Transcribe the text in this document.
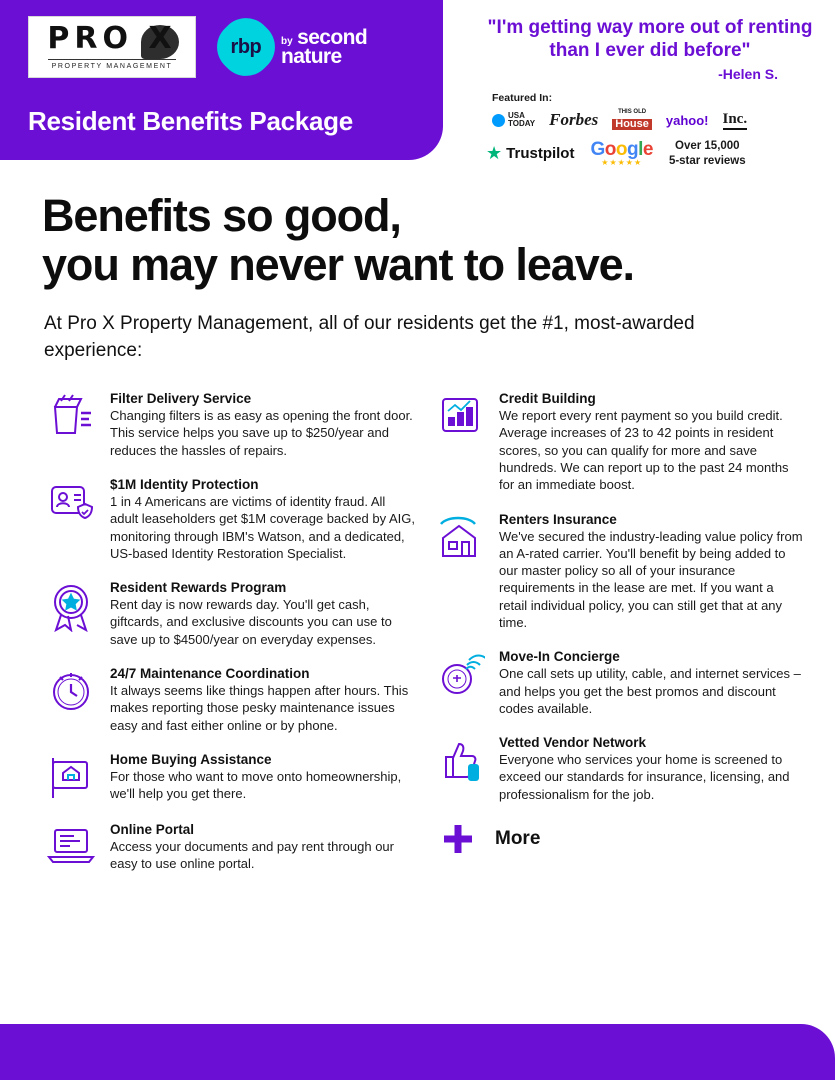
PRO X
PROPERTY MANAGEMENT
rbp by second
nature
Resident Benefits Package
"I'm getting way more out of renting than I ever did before"
-Helen S.
Featured In:
USA
TODAY Forbes	THIS OLD
House yahoo! Inc.
★ Trustpilot Google
★★★★★
Over 15,000
5-star reviews
Benefits so good,
you may never want to leave.
At Pro X Property Management, all of our residents get the #1, most-awarded experience:
Filter Delivery Service
Changing filters is as easy as opening the front door. This service helps you save up to $250/year and reduces the hassles of repairs.
$1M Identity Protection
1 in 4 Americans are victims of identity fraud. All adult leaseholders get $1M coverage backed by AIG, monitoring through IBM's Watson, and a dedicated, US-based Identity Restoration Specialist.
Resident Rewards Program
Rent day is now rewards day. You'll get cash, giftcards, and exclusive discounts you can use to save up to $4500/year on everyday expenses.
24/7 Maintenance Coordination
It always seems like things happen after hours. This makes reporting those pesky maintenance issues easy and fast either online or by phone.
Home Buying Assistance
For those who want to move onto homeownership, we'll help you get there.
Online Portal
Access your documents and pay rent through our easy to use online portal.
Credit Building
We report every rent payment so you build credit. Average increases of 23 to 42 points in resident scores, so you can qualify for more and save hundreds. We can report up to the past 24 months for an immediate boost.
Renters Insurance
We've secured the industry-leading value policy from an A-rated carrier. You'll benefit by being added to our master policy so all of your insurance requirements in the lease are met. If you want a retail individual policy, you can still get that at any time.
Move-In Concierge
One call sets up utility, cable, and internet services – and helps you get the best promos and discount codes available.
Vetted Vendor Network
Everyone who services your home is screened to exceed our standards for insurance, licensing, and professionalism for the job.
More
